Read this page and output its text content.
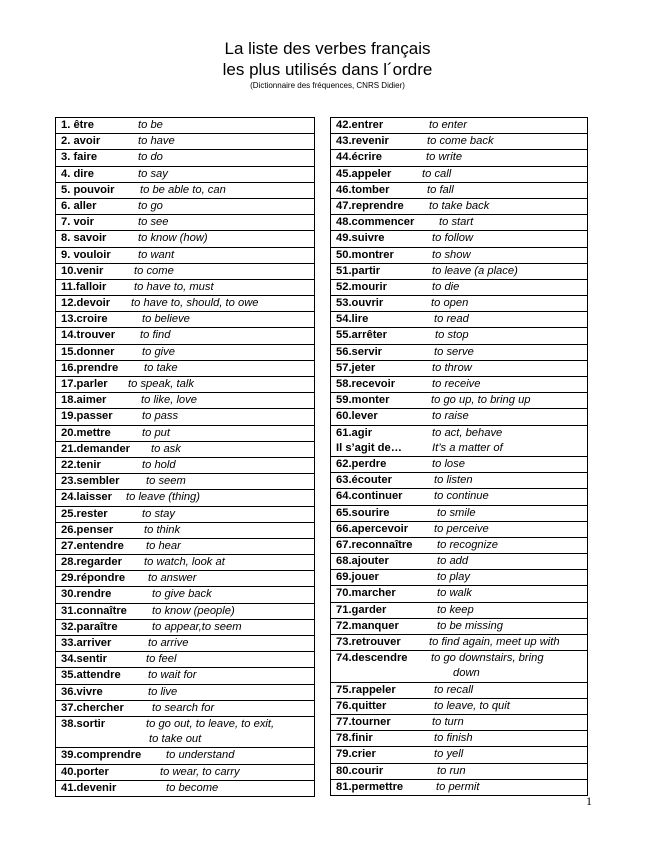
La liste des verbes français
les plus utilisés dans l´ordre
(Dictionnaire des fréquences, CNRS Didier)
1. être	to be
2. avoir	to have
3. faire	to do
4. dire	to say
5. pouvoir to be able to, can
6. aller	to go
7. voir	to see
8. savoir	to know (how)
9. vouloir to want
10.venir	to come
11.falloir to have to, must
12.devoir to have to, should, to owe
13.croire	to believe
14.trouver to find
15.donner to give
16.prendre to take
17.parler to speak, talk
18.aimer	to like, love
19.passer	to pass
20.mettre	to put
21.demander to ask
22.tenir	to hold
23.sembler to seem
24.laisser to leave (thing)
25.rester	to stay
26.penser	to think
27.entendre to hear
28.regarder to watch, look at
29.répondre to answer
30.rendre	to give back
31.connaître to know (people)
32.paraître	to appear,to seem
33.arriver	to arrive
34.sentir	to feel
35.attendre to wait for
36.vivre	to live
37.chercher	to search for
38.sortir	to go out, to leave, to exit,
to take out
39.comprendre to understand
40.porter	to wear, to carry
41.devenir	to become
42.entrer	to enter
43.revenir	to come back
44.écrire	to write
45.appeler	to call
46.tomber	to fall
47.reprendre to take back
48.commencer to start
49.suivre	to follow
50.montrer	to show
51.partir	to leave (a place)
52.mourir	to die
53.ouvrir	to open
54.lire	to read
55.arrêter	to stop
56.servir	to serve
57.jeter	to throw
58.recevoir	to receive
59.monter	to go up, to bring up
60.lever	to raise
61.agir	to act, behave
Il s’agit de…	It’s a matter of
62.perdre	to lose
63.écouter	to listen
64.continuer	to continue
65.sourire	to smile
66.apercevoir to perceive
67.reconnaître to recognize
68.ajouter	to add
69.jouer	to play
70.marcher	to walk
71.garder	to keep
72.manquer	to be missing
73.retrouver	to find again, meet up with
74.descendre to go downstairs, bring
down
75.rappeler	to recall
76.quitter	to leave, to quit
77.tourner	to turn
78.finir	to finish
79.crier	to yell
80.courir	to run
81.permettre	to permit
1
